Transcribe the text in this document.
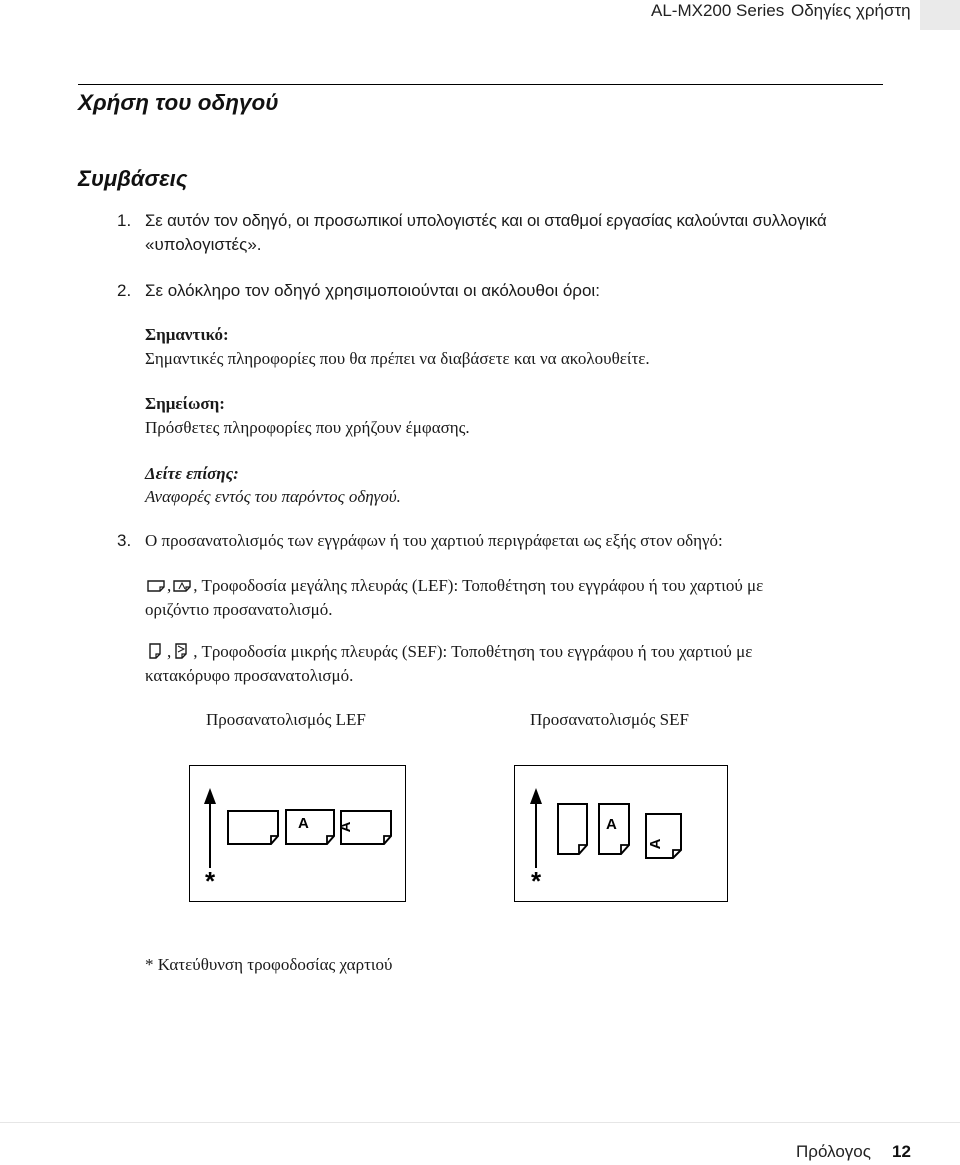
AL-MX200 Series Οδηγίες χρήστη
Χρήση του οδηγού
Συμβάσεις
1. Σε αυτόν τον οδηγό, οι προσωπικοί υπολογιστές και οι σταθμοί εργασίας καλούνται συλλογικά
«υπολογιστές».
2. Σε ολόκληρο τον οδηγό χρησιμοποιούνται οι ακόλουθοι όροι:
Σημαντικό:
Σημαντικές πληροφορίες που θα πρέπει να διαβάσετε και να ακολουθείτε.
Σημείωση:
Πρόσθετες πληροφορίες που χρήζουν έμφασης.
Δείτε επίσης:
Αναφορές εντός του παρόντος οδηγού.
3. Ο προσανατολισμός των εγγράφων ή του χαρτιού περιγράφεται ως εξής στον οδηγό:
, , Τροφοδοσία μεγάλης πλευράς (LEF): Τοποθέτηση του εγγράφου ή του χαρτιού με
οριζόντιο προσανατολισμό.
, , Τροφοδοσία μικρής πλευράς (SEF): Τοποθέτηση του εγγράφου ή του χαρτιού με
κατακόρυφο προσανατολισμό.
Προσανατολισμός LEF	Προσανατολισμός SEF
*
A A
*
A
A
* Κατεύθυνση τροφοδοσίας χαρτιού
Πρόλογος 12
